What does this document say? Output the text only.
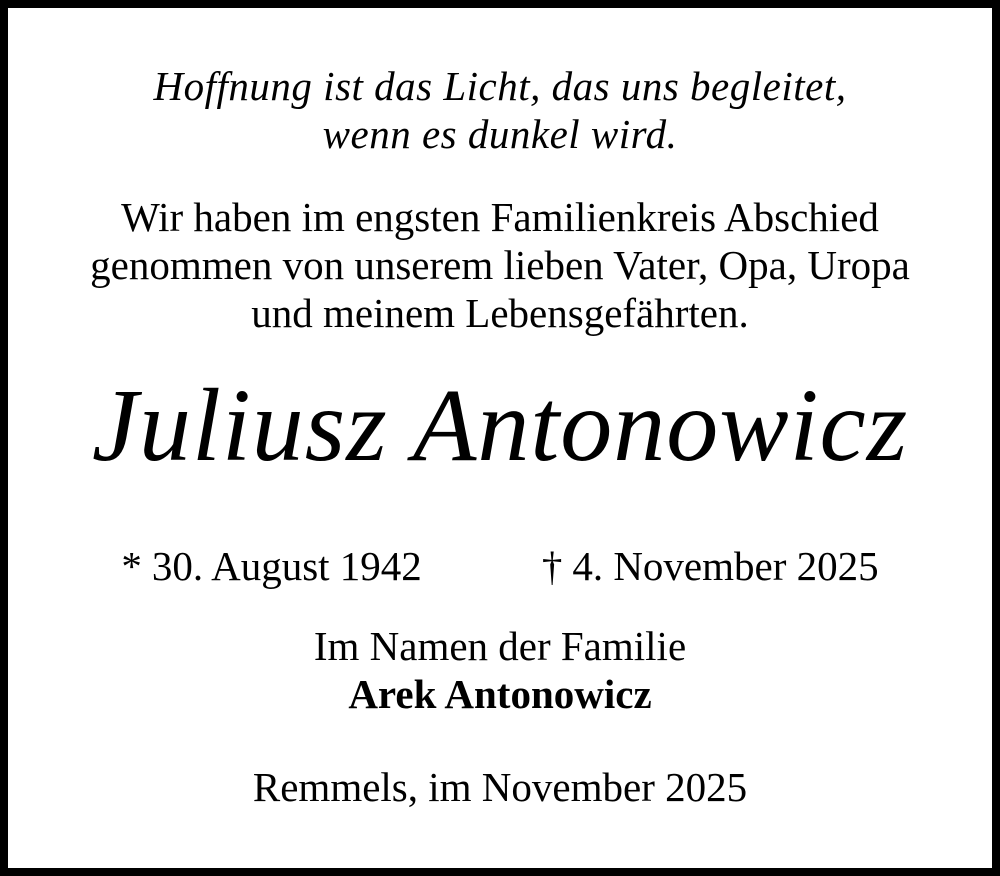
Hoffnung ist das Licht, das uns begleitet,
wenn es dunkel wird.
Wir haben im engsten Familienkreis Abschied
genommen von unserem lieben Vater, Opa, Uropa
und meinem Lebensgefährten.
Juliusz Antonowicz
* 30. August 1942	† 4. November 2025
Im Namen der Familie
Arek Antonowicz
Remmels, im November 2025
